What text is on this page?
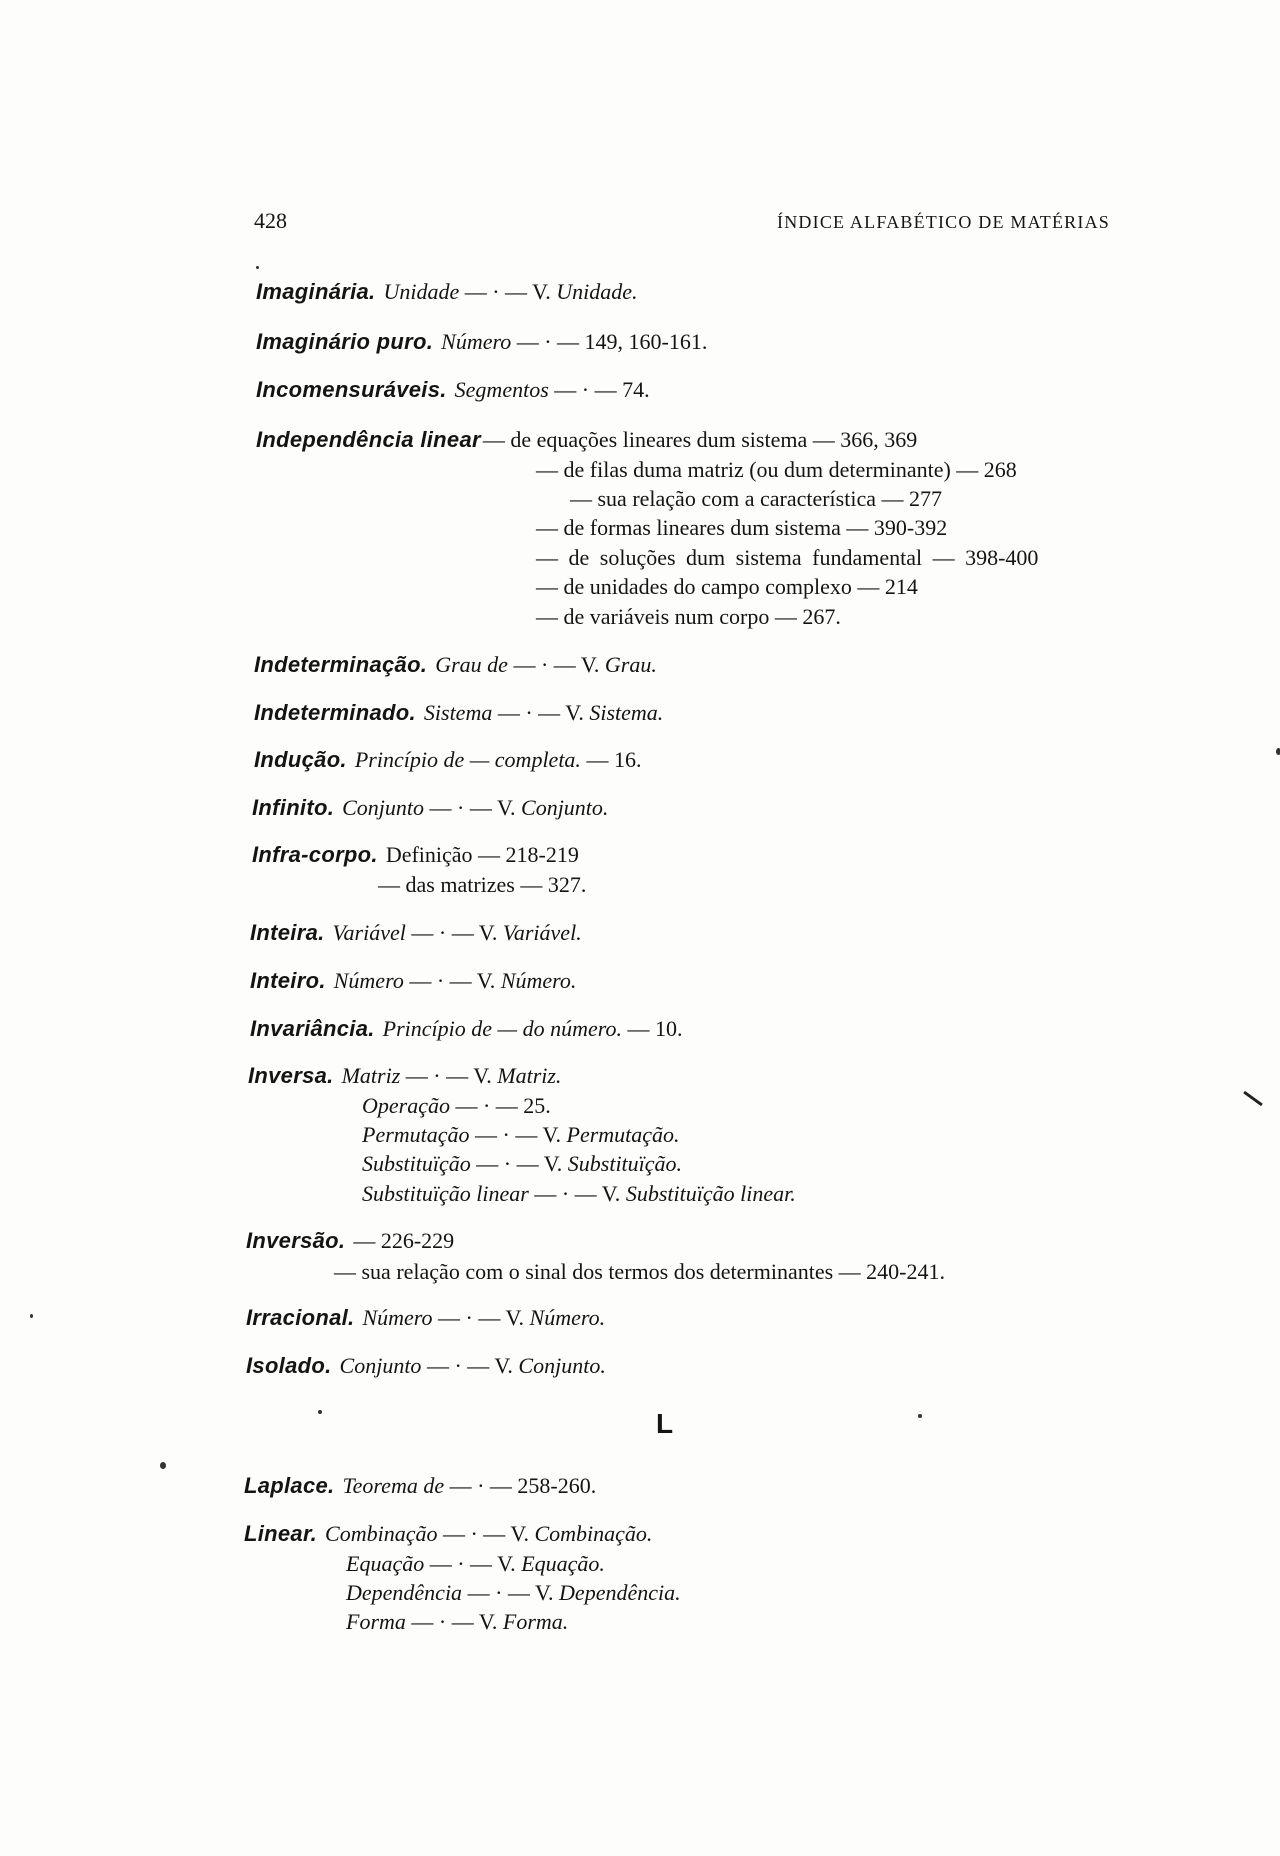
428	ÍNDICE ALFABÉTICO DE MATÉRIAS
Imaginária. Unidade — · — V. Unidade.
Imaginário puro. Número — · — 149, 160-161.
Incomensuráveis. Segmentos — · — 74.
Independência linear— de equações lineares dum sistema — 366, 369
— de filas duma matriz (ou dum determinante) — 268
— sua relação com a característica — 277
— de formas lineares dum sistema — 390-392
— de soluções dum sistema fundamental — 398-400
— de unidades do campo complexo — 214
— de variáveis num corpo — 267.
Indeterminação. Grau de — · — V. Grau.
Indeterminado. Sistema — · — V. Sistema.
Indução. Princípio de — completa. — 16.
Infinito. Conjunto — · — V. Conjunto.
Infra-corpo. Definição — 218-219
— das matrizes — 327.
Inteira. Variável — · — V. Variável.
Inteiro. Número — · — V. Número.
Invariância. Princípio de — do número. — 10.
Inversa. Matriz — · — V. Matriz.
Operação — · — 25.
Permutação — · — V. Permutação.
Substituïção — · — V. Substituïção.
Substituïção linear — · — V. Substituïção linear.
Inversão. — 226-229
— sua relação com o sinal dos termos dos determinantes — 240-241.
Irracional. Número — · — V. Número.
Isolado. Conjunto — · — V. Conjunto.
Laplace. Teorema de — · — 258-260.
Linear. Combinação — · — V. Combinação.
Equação — · — V. Equação.
Dependência — · — V. Dependência.
Forma — · — V. Forma.
L
